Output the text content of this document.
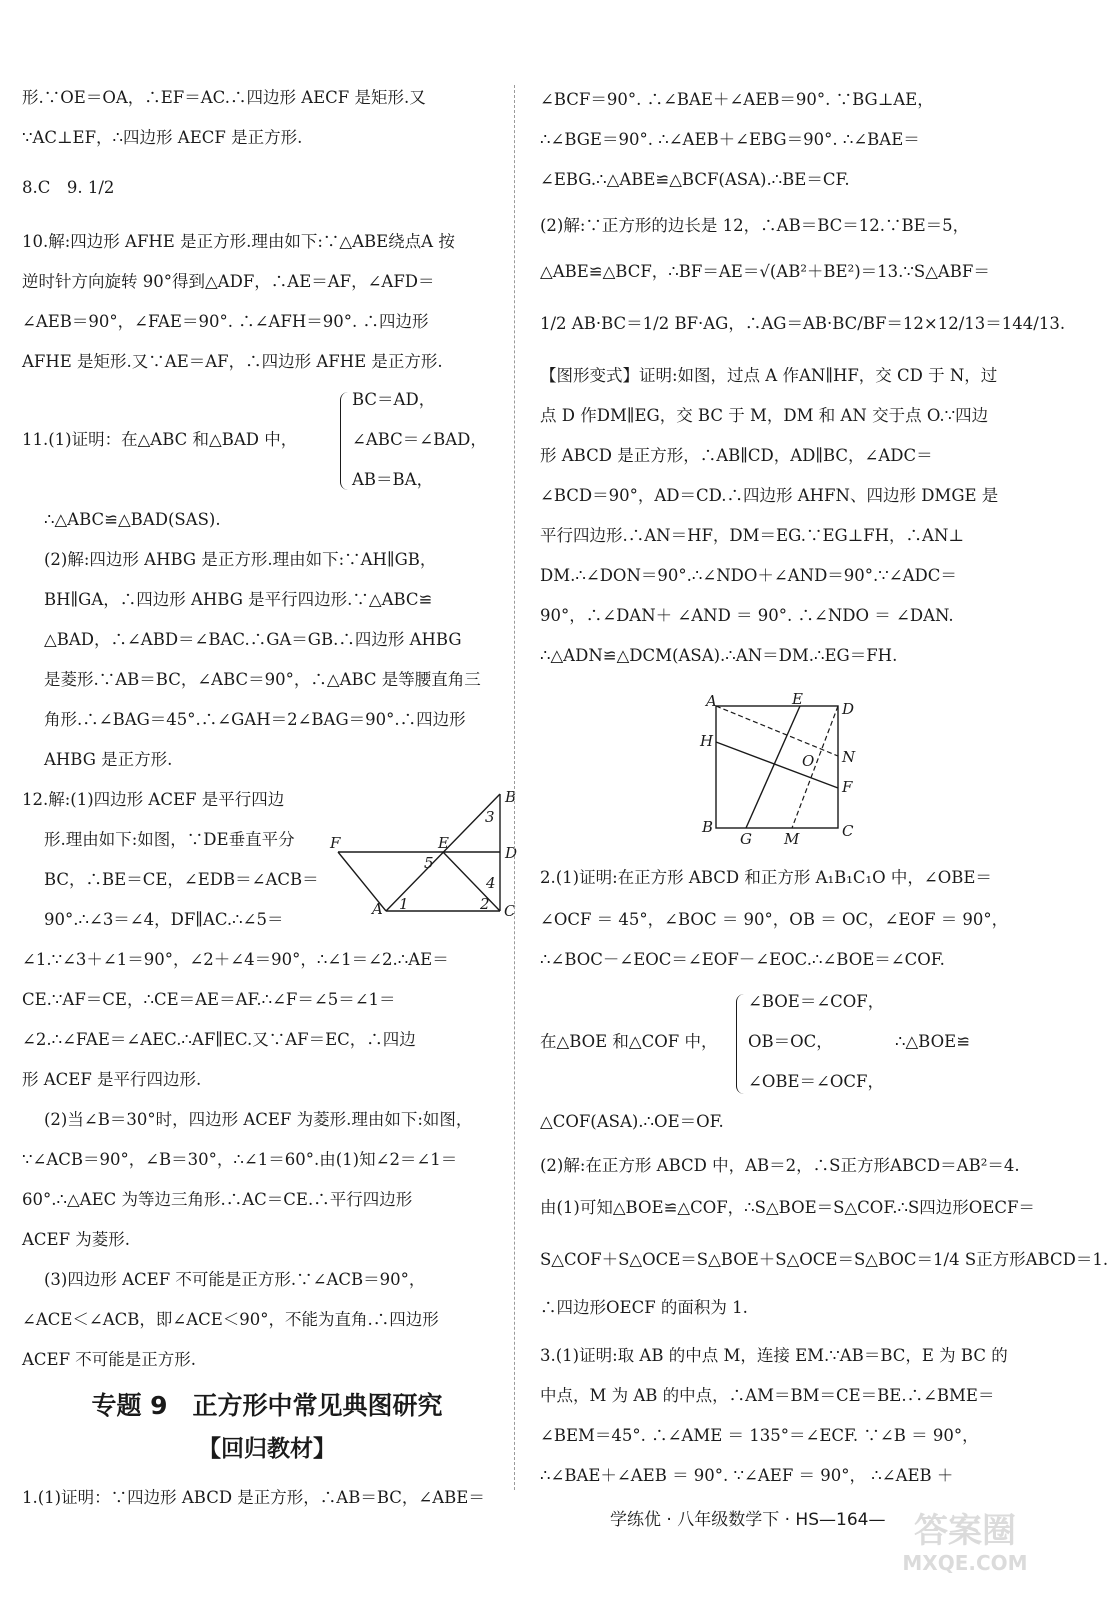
形.∵OE＝OA，∴EF＝AC.∴四边形 AECF 是矩形.又
∵AC⊥EF，∴四边形 AECF 是正方形.
8.C　9. 1/2
10.解:四边形 AFHE 是正方形.理由如下:∵△ABE绕点A 按
逆时针方向旋转 90°得到△ADF，∴AE＝AF，∠AFD＝
∠AEB＝90°，∠FAE＝90°. ∴∠AFH＝90°. ∴四边形
AFHE 是矩形.又∵AE＝AF，∴四边形 AFHE 是正方形.
11.(1)证明：在△ABC 和△BAD 中，
BC＝AD，
∠ABC＝∠BAD，
AB＝BA，
∴△ABC≌△BAD(SAS).
(2)解:四边形 AHBG 是正方形.理由如下:∵AH∥GB，
BH∥GA，∴四边形 AHBG 是平行四边形.∵△ABC≌
△BAD，∴∠ABD＝∠BAC.∴GA＝GB.∴四边形 AHBG
是菱形.∵AB＝BC，∠ABC＝90°，∴△ABC 是等腰直角三
角形.∴∠BAG＝45°.∴∠GAH＝2∠BAG＝90°.∴四边形
AHBG 是正方形.
12.解:(1)四边形 ACEF 是平行四边
形.理由如下:如图，∵DE垂直平分
BC，∴BE＝CE，∠EDB＝∠ACB＝
90°.∴∠3＝∠4，DF∥AC.∴∠5＝
B
3
F	E
D
5
4
A 1	2 C
∠1.∵∠3＋∠1＝90°，∠2＋∠4＝90°，∴∠1＝∠2.∴AE＝
CE.∵AF＝CE，∴CE＝AE＝AF.∴∠F＝∠5＝∠1＝
∠2.∴∠FAE＝∠AEC.∴AF∥EC.又∵AF＝EC，∴四边
形 ACEF 是平行四边形.
(2)当∠B＝30°时，四边形 ACEF 为菱形.理由如下:如图，
∵∠ACB＝90°，∠B＝30°，∴∠1＝60°.由(1)知∠2＝∠1＝
60°.∴△AEC 为等边三角形.∴AC＝CE.∴平行四边形
ACEF 为菱形.
(3)四边形 ACEF 不可能是正方形.∵∠ACB＝90°，
∠ACE＜∠ACB，即∠ACE＜90°，不能为直角.∴四边形
ACEF 不可能是正方形.
专题 9　正方形中常见典图研究
【回归教材】
1.(1)证明：∵四边形 ABCD 是正方形，∴AB＝BC，∠ABE＝
∠BCF＝90°. ∴∠BAE＋∠AEB＝90°. ∵BG⊥AE，
∴∠BGE＝90°. ∴∠AEB＋∠EBG＝90°. ∴∠BAE＝
∠EBG.∴△ABE≌△BCF(ASA).∴BE＝CF.
(2)解:∵正方形的边长是 12，∴AB＝BC＝12.∵BE＝5，
△ABE≌△BCF，∴BF＝AE＝√(AB²＋BE²)＝13.∵S△ABF＝
1/2 AB·BC＝1/2 BF·AG，∴AG＝AB·BC/BF＝12×12/13＝144/13.
【图形变式】证明:如图，过点 A 作AN∥HF，交 CD 于 N，过
点 D 作DM∥EG，交 BC 于 M，DM 和 AN 交于点 O.∵四边
形 ABCD 是正方形，∴AB∥CD，AD∥BC，∠ADC＝
∠BCD＝90°，AD＝CD.∴四边形 AHFN、四边形 DMGE 是
平行四边形.∴AN＝HF，DM＝EG.∵EG⊥FH，∴AN⊥
DM.∴∠DON＝90°.∴∠NDO＋∠AND＝90°.∵∠ADC＝
90°，∴∠DAN＋ ∠AND ＝ 90°. ∴∠NDO ＝ ∠DAN.
∴△ADN≌△DCM(ASA).∴AN＝DM.∴EG＝FH.
A	E
D
H
O N
F
B
G M	C
2.(1)证明:在正方形 ABCD 和正方形 A₁B₁C₁O 中，∠OBE＝
∠OCF ＝ 45°，∠BOC ＝ 90°，OB ＝ OC，∠EOF ＝ 90°，
∴∠BOC－∠EOC＝∠EOF－∠EOC.∴∠BOE＝∠COF.
在△BOE 和△COF 中，
∠BOE＝∠COF，
OB＝OC，
∠OBE＝∠OCF，
∴△BOE≌
△COF(ASA).∴OE＝OF.
(2)解:在正方形 ABCD 中，AB＝2，∴S正方形ABCD＝AB²＝4.
由(1)可知△BOE≌△COF，∴S△BOE＝S△COF.∴S四边形OECF＝
S△COF＋S△OCE＝S△BOE＋S△OCE＝S△BOC＝1/4 S正方形ABCD＝1.
∴四边形OECF 的面积为 1.
3.(1)证明:取 AB 的中点 M，连接 EM.∵AB＝BC，E 为 BC 的
中点，M 为 AB 的中点，∴AM＝BM＝CE＝BE.∴∠BME＝
∠BEM＝45°. ∴∠AME ＝ 135°＝∠ECF. ∵∠B ＝ 90°，
∴∠BAE＋∠AEB ＝ 90°. ∵∠AEF ＝ 90°， ∴∠AEB ＋
学练优 · 八年级数学下 · HS—164— 答案圈
MXQE.COM
